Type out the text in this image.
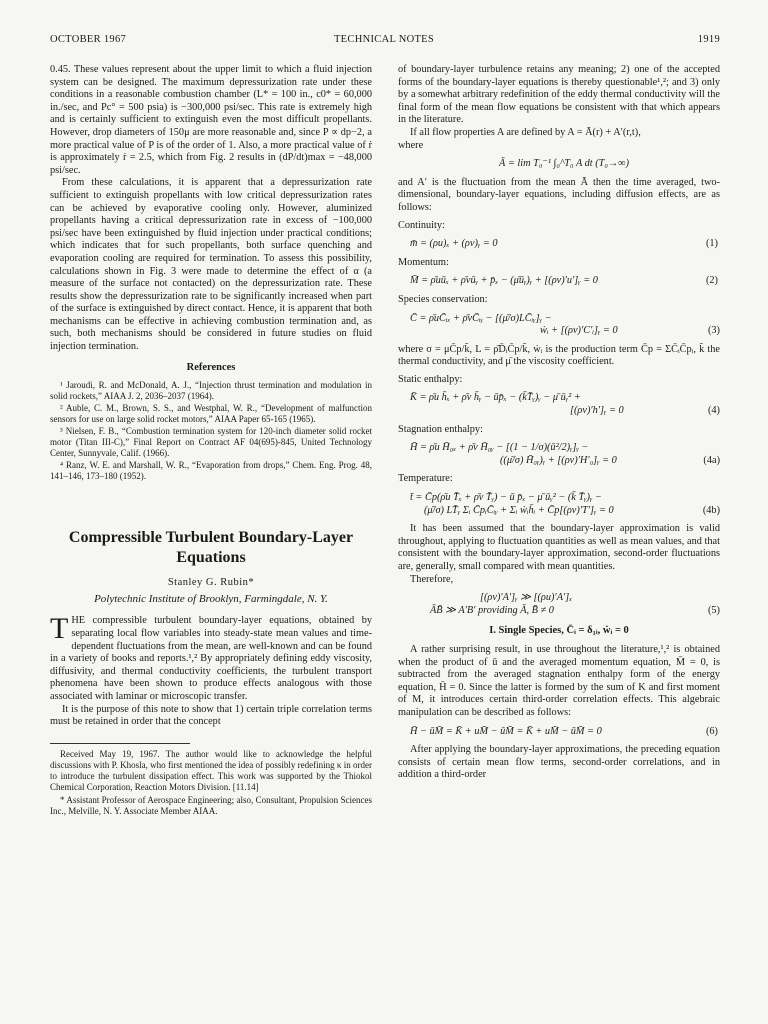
OCTOBER 1967	TECHNICAL NOTES	1919

0.45. These values represent about the upper limit to which a fluid injection system can be designed. The maximum depressurization rate under these conditions in a reasonable combustion chamber (L* = 100 in., c0* = 60,000 in./sec, and Pc° = 500 psia) is −300,000 psi/sec. This rate is extremely high and is certainly sufficient to extinguish even the most difficult propellants. However, drop diameters of 150μ are more reasonable and, since P ∝ dp−2, a more practical value of P is of the order of 1. Also, a more practical value of ṙ is approximately ṙ = 2.5, which from Fig. 2 results in (dP/dt)max = −48,000 psi/sec.

From these calculations, it is apparent that a depressurization rate sufficient to extinguish propellants with low critical depressurization rates can be achieved by evaporative cooling only. However, aluminized propellants having a critical depressurization rate in excess of −100,000 psi/sec have been extinguished by fluid injection under practical conditions; which indicates that for such propellants, both surface quenching and evaporation cooling are required for termination. To assess this possibility, calculations shown in Fig. 3 were made to determine the effect of α (a measure of the surface not contacted) on the depressurization rate. These results show the depressurization rate to be significantly increased when part of the surface is extinguished by direct contact. Hence, it is apparent that both mechanisms can be effective in achieving combustion termination and, as such, both mechanisms should be considered in future studies on fluid injection termination.

References

¹ Jaroudi, R. and McDonald, A. J., “Injection thrust termination and modulation in solid rockets,” AIAA J. 2, 2036–2037 (1964).

² Auble, C. M., Brown, S. S., and Westphal, W. R., “Development of malfunction sensors for use on large solid rocket motors,” AIAA Paper 65-165 (1965).

³ Nielsen, F. B., “Combustion termination system for 120-inch diameter solid rocket motor (Titan III-C),” Final Report on Contract AF 04(695)-845, United Technology Center, Sunnyvale, Calif. (1966).

⁴ Ranz, W. E. and Marshall, W. R., “Evaporation from drops,” Chem. Eng. Prog. 48, 141–146, 173–180 (1952).

Compressible Turbulent Boundary-Layer Equations
Stanley G. Rubin*
Polytechnic Institute of Brooklyn, Farmingdale, N. Y.

THE compressible turbulent boundary-layer equations, obtained by separating local flow variables into steady-state mean values and time-dependent fluctuations from the mean, are well-known and can be found in a variety of books and reports.¹,² By appropriately defining eddy viscosity, diffusivity, and thermal conductivity coefficients, the turbulent transport phenomena have been shown to produce effects analogous with those associated with laminar or microscopic transfer.

It is the purpose of this note to show that 1) certain triple correlation terms must be retained in order that the concept

Received May 19, 1967. The author would like to acknowledge the helpful discussions with P. Khosla, who first mentioned the idea of possibly redefining κ in order to introduce the turbulent dissipation effect. This work was supported by the Thiokol Chemical Corporation, Reaction Motors Division. [11.14]

* Assistant Professor of Aerospace Engineering; also, Consultant, Propulsion Sciences Inc., Melville, N. Y. Associate Member AIAA.

of boundary-layer turbulence retains any meaning; 2) one of the accepted forms of the boundary-layer equations is thereby questionable¹,²; and 3) only by a somewhat arbitrary redefinition of the eddy thermal conductivity will the final form of the mean flow equations be consistent with that which appears in the literature.

If all flow properties A are defined by A = Ā(r) + A′(r,t),

where

Ā = lim T₀⁻¹ ∫₀^T₀ A dt (T₀→∞)

and A′ is the fluctuation from the mean Ā then the time averaged, two-dimensional, boundary-layer equations, including diffusion effects, are as follows:

Continuity:

m̄ = (ρu)ₓ + (ρv)ᵧ = 0	(1)

Momentum:

M̄ = ρ̄uūₓ + ρ̄vūᵧ + p̄ₓ − (μ̄ūᵧ)ᵧ + [(ρv)′u′]ᵧ = 0	(2)

Species conservation:

C̄ = ρ̄uC̄ᵢₓ + ρ̄vC̄ᵢᵧ − [(μ̄/σ)LC̄ᵢᵧ]ᵧ −
ẇᵢ + [(ρv)′C′ᵢ]ᵧ = 0	(3)

where σ = μC̄p/k̄, L = ρ̄D̄ᵢC̄p/k̄, ẇᵢ is the production term C̄p = ΣC̄ᵢC̄pᵢ, k̄ the thermal conductivity, and μ̄ the viscosity coefficient.

Static enthalpy:

K̄ = ρ̄u h̄ₓ + ρ̄v h̄ᵧ − ūp̄ₓ − (k̄T̄ᵧ)ᵧ − μ̄ ūᵧ² +
[(ρv)′h′]ᵧ = 0	(4)

Stagnation enthalpy:

H̄ = ρ̄u H̄₀ₓ + ρ̄v H̄₀ᵧ − [(1 − 1/σ)(ū²/2)ᵧ]ᵧ −
((μ̄/σ) H̄₀ᵧ)ᵧ + [(ρv)′H′₀]ᵧ = 0	(4a)

Temperature:

t̄ = C̄p(ρ̄u T̄ₓ + ρ̄v T̄ᵧ) − ū p̄ₓ − μ̄ ūᵧ² − (k̄ T̄ᵧ)ᵧ −
(μ̄/σ) LT̄ᵧ Σᵢ C̄pᵢC̄ᵢᵧ + Σᵢ ẇᵢh̄ᵢ + C̄p[(ρv)′T′]ᵧ = 0	(4b)

It has been assumed that the boundary-layer approximation is valid throughout, applying to fluctuation quantities as well as mean values, and that consistent with the boundary-layer approximation, second-order fluctuations are, generally, small compared with mean quantities.

Therefore,

[(ρv)′A′]ᵧ ≫ [(ρu)′A′]ₓ
ĀB̄ ≫ A′B′ providing Ā, B̄ ≠ 0	(5)
I. Single Species, C̄ᵢ = δ₁ᵢ, ẇᵢ = 0

A rather surprising result, in use throughout the literature,¹,² is obtained when the product of ū and the averaged momentum equation, M̄ = 0, is subtracted from the averaged stagnation enthalpy form of the energy equation, H̄ = 0. Since the latter is formed by the sum of K and first moment of M, it introduces certain third-order correlation effects. This algebraic manipulation can be described as follows:

H̄ − ūM̄ = K̄ + uM̄ − ūM̄ = K̄ + uM̄ − ūM̄ = 0	(6)

After applying the boundary-layer approximations, the preceding equation consists of certain mean flow terms, second-order correlations, and in addition a third-order
